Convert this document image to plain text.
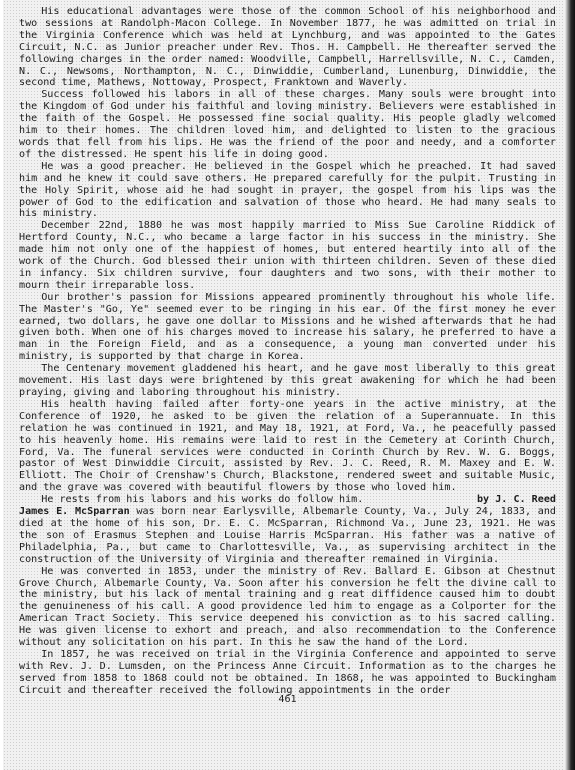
His educational advantages were those of the common School of his neighborhood and two sessions at Randolph-Macon College. In November 1877, he was admitted on trial in the Virginia Conference which was held at Lynchburg, and was appointed to the Gates Circuit, N.C. as Junior preacher under Rev. Thos. H. Campbell. He thereafter served the following charges in the order named: Woodville, Campbell, Harrellsville, N. C., Camden, N. C., Newsoms, Northampton, N. C., Dinwiddie, Cumberland, Lunenburg, Dinwiddie, the second time, Mathews, Nottoway, Prospect, Franktown and Waverly.

Success followed his labors in all of these charges. Many souls were brought into the Kingdom of God under his faithful and loving ministry. Believers were established in the faith of the Gospel. He possessed fine social quality. His people gladly welcomed him to their homes. The children loved him, and delighted to listen to the gracious words that fell from his lips. He was the friend of the poor and needy, and a comforter of the distressed. He spent his life in doing good.

He was a good preacher. He believed in the Gospel which he preached. It had saved him and he knew it could save others. He prepared carefully for the pulpit. Trusting in the Holy Spirit, whose aid he had sought in prayer, the gospel from his lips was the power of God to the edification and salvation of those who heard. He had many seals to his ministry.

December 22nd, 1880 he was most happily married to Miss Sue Caroline Riddick of Hertford County, N.C., who became a large factor in his success in the ministry. She made him not only one of the happiest of homes, but entered heartily into all of the work of the Church. God blessed their union with thirteen children. Seven of these died in infancy. Six children survive, four daughters and two sons, with their mother to mourn their irreparable loss.

Our brother's passion for Missions appeared prominently throughout his whole life. The Master's "Go, Ye" seemed ever to be ringing in his ear. Of the first money he ever earned, two dollars, he gave one dollar to Missions and he wished afterwards that he had given both. When one of his charges moved to increase his salary, he preferred to have a man in the Foreign Field, and as a consequence, a young man converted under his ministry, is supported by that charge in Korea.

The Centenary movement gladdened his heart, and he gave most liberally to this great movement. His last days were brightened by this great awakening for which he had been praying, giving and laboring throughout his ministry.

His health having failed after forty-one years in the active ministry, at the Conference of 1920, he asked to be given the relation of a Superannuate. In this relation he was continued in 1921, and May 18, 1921, at Ford, Va., he peacefully passed to his heavenly home. His remains were laid to rest in the Cemetery at Corinth Church, Ford, Va. The funeral services were conducted in Corinth Church by Rev. W. G. Boggs, pastor of West Dinwiddie Circuit, assisted by Rev. J. C. Reed, R. M. Maxey and E. W. Elliott. The Choir of Crenshaw's Church, Blackstone, rendered sweet and suitable Music, and the grave was covered with beautiful flowers by those who loved him.

He rests from his labors and his works do follow him.	by J. C. Reed

James E. McSparran was born near Earlysville, Albemarle County, Va., July 24, 1833, and died at the home of his son, Dr. E. C. McSparran, Richmond Va., June 23, 1921. He was the son of Erasmus Stephen and Louise Harris McSparran. His father was a native of Philadelphia, Pa., but came to Charlottesville, Va., as supervising architect in the construction of the University of Virginia and thereafter remained in Virginia.

He was converted in 1853, under the ministry of Rev. Ballard E. Gibson at Chestnut Grove Church, Albemarle County, Va. Soon after his conversion he felt the divine call to the ministry, but his lack of mental training and g reat diffidence caused him to doubt the genuineness of his call. A good providence led him to engage as a Colporter for the American Tract Society. This service deepened his conviction as to his sacred calling. He was given license to exhort and preach, and also recommendation to the Conference without any solicitation on his part. In this he saw the hand of the Lord.

In 1857, he was received on trial in the Virginia Conference and appointed to serve with Rev. J. D. Lumsden, on the Princess Anne Circuit. Information as to the charges he served from 1858 to 1868 could not be obtained. In 1868, he was appointed to Buckingham Circuit and thereafter received the following appointments in the order

461
